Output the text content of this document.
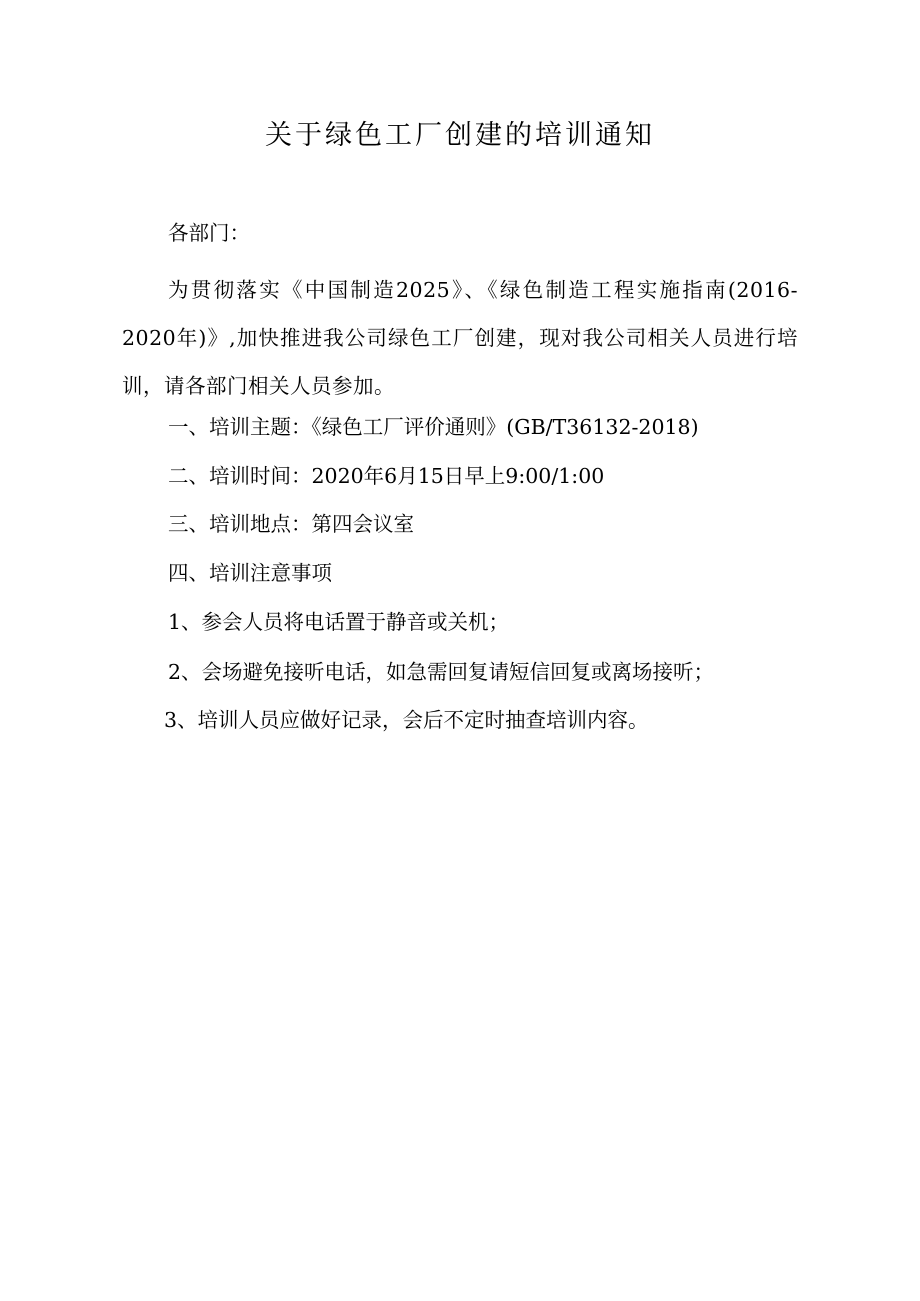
关于绿色工厂创建的培训通知
各部门：
为贯彻落实《中国制造2025》、《绿色制造工程实施指南(2016-2020年)》,加快推进我公司绿色工厂创建，现对我公司相关人员进行培训，请各部门相关人员参加。
一、培训主题：《绿色工厂评价通则》(GB/T36132-2018)
二、培训时间：2020年6月15日早上9:00/1:00
三、培训地点：第四会议室
四、培训注意事项
1、参会人员将电话置于静音或关机；
2、会场避免接听电话，如急需回复请短信回复或离场接听；
3、培训人员应做好记录，会后不定时抽查培训内容。
